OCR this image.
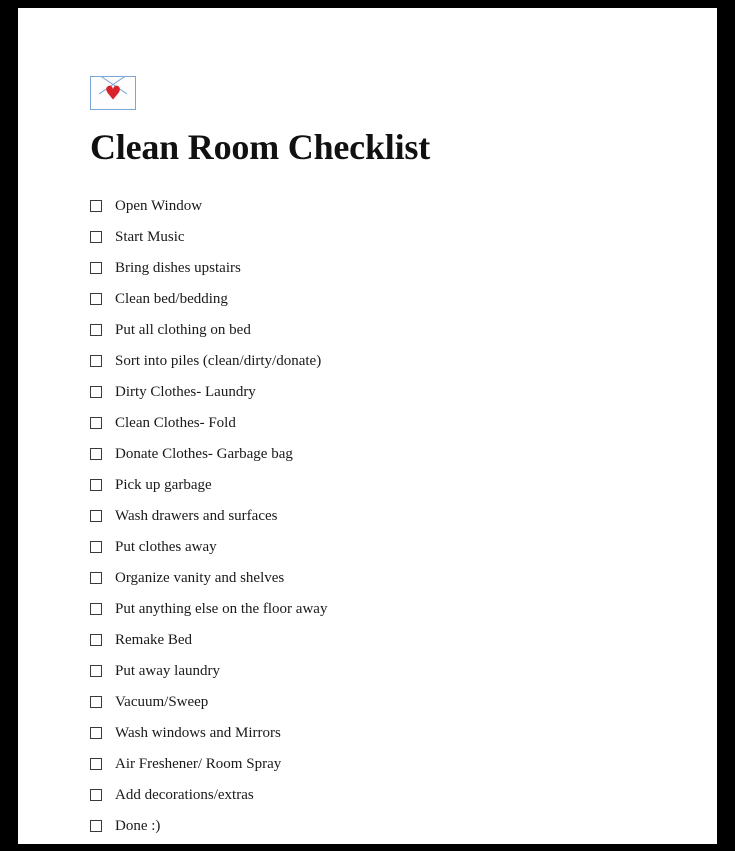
♥
Clean Room Checklist
Open Window
Start Music
Bring dishes upstairs
Clean bed/bedding
Put all clothing on bed
Sort into piles (clean/dirty/donate)
Dirty Clothes- Laundry
Clean Clothes- Fold
Donate Clothes- Garbage bag
Pick up garbage
Wash drawers and surfaces
Put clothes away
Organize vanity and shelves
Put anything else on the floor away
Remake Bed
Put away laundry
Vacuum/Sweep
Wash windows and Mirrors
Air Freshener/ Room Spray
Add decorations/extras
Done :)
